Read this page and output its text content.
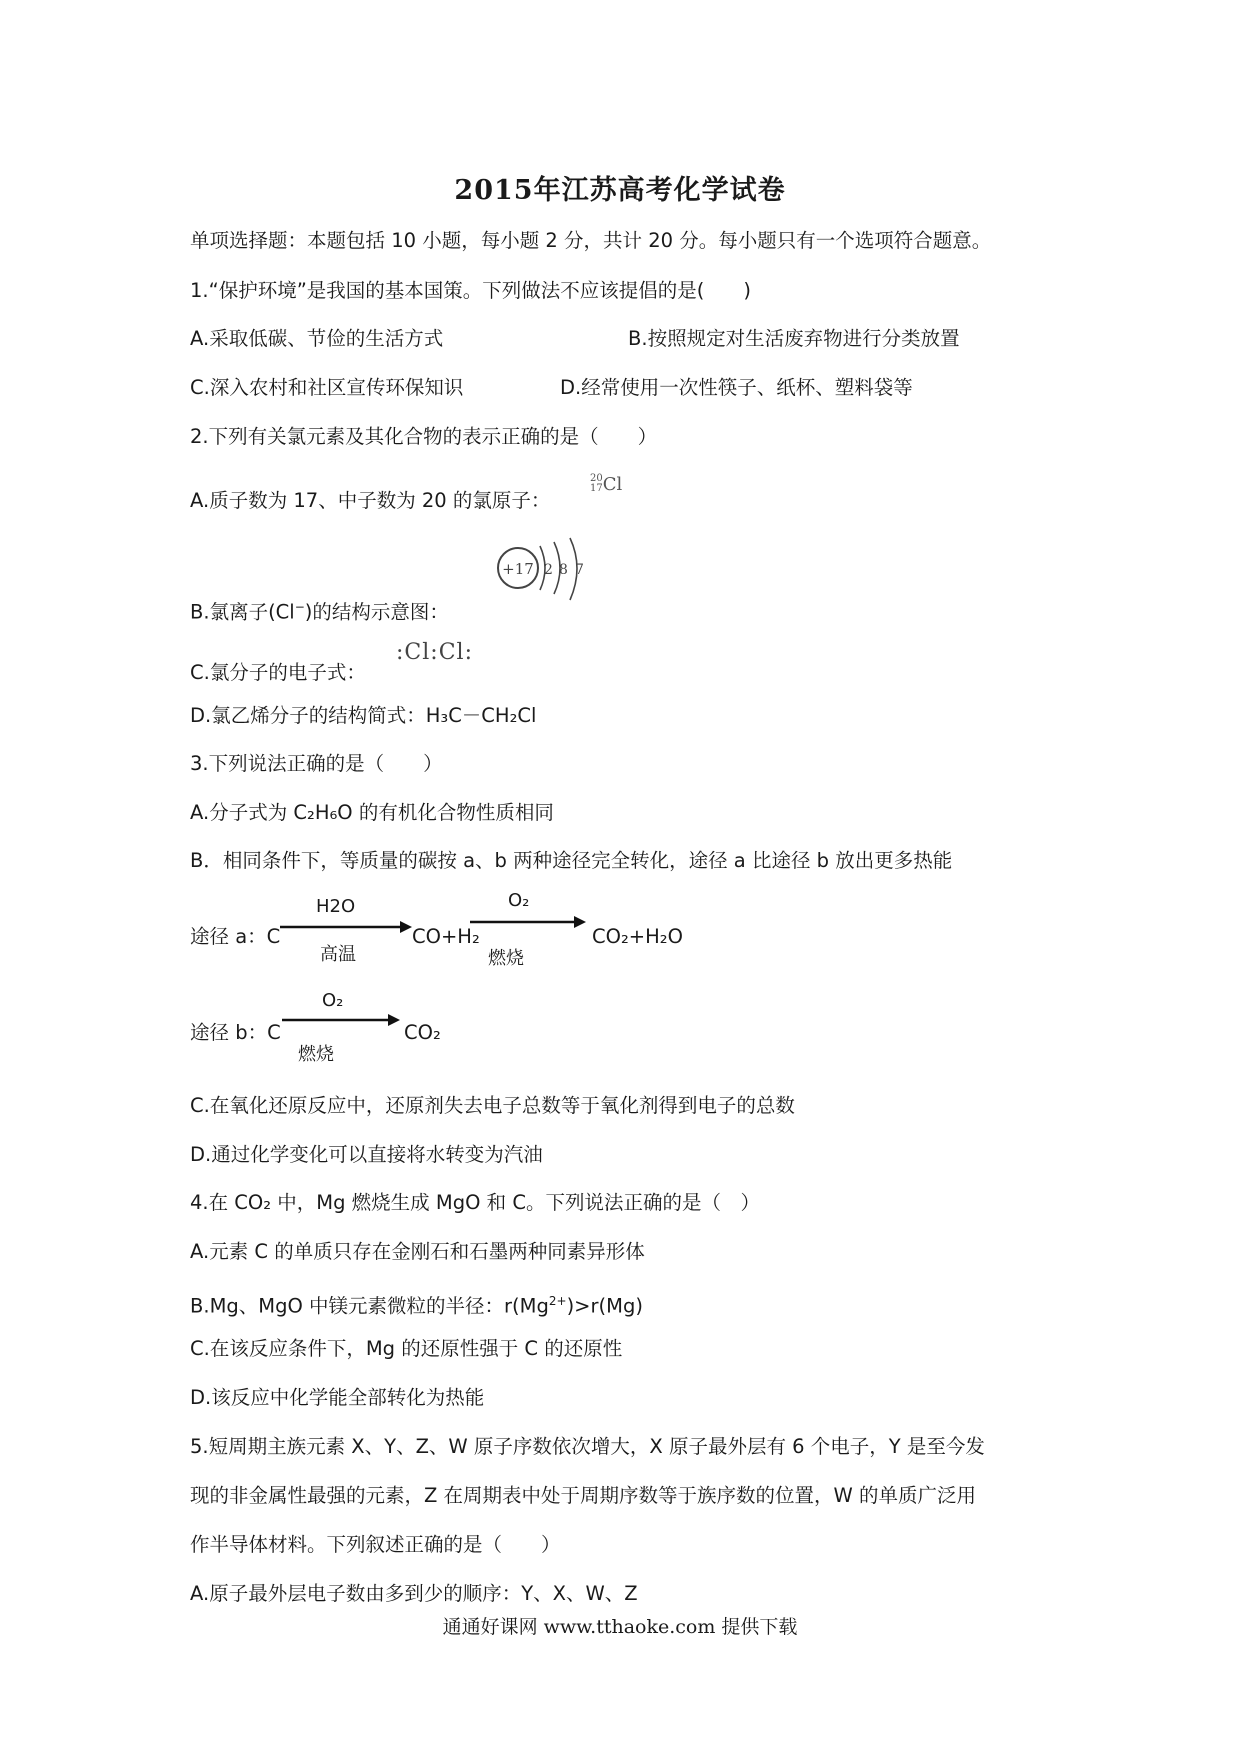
2015年江苏高考化学试卷
单项选择题：本题包括 10 小题，每小题 2 分，共计 20 分。每小题只有一个选项符合题意。
1.“保护环境”是我国的基本国策。下列做法不应该提倡的是(　　)
A.采取低碳、节俭的生活方式	B.按照规定对生活废弃物进行分类放置
C.深入农村和社区宣传环保知识	D.经常使用一次性筷子、纸杯、塑料袋等
2.下列有关氯元素及其化合物的表示正确的是（　　）
A.质子数为 17、中子数为 20 的氯原子：
20
17Cl
B.氯离子(Cl−)的结构示意图：
+17 2 8 7
C.氯分子的电子式：
:Cl:Cl:
D.氯乙烯分子的结构简式：H₃C－CH₂Cl
3.下列说法正确的是（　　）
A.分子式为 C₂H₆O 的有机化合物性质相同
B．相同条件下，等质量的碳按 a、b 两种途径完全转化，途径 a 比途径 b 放出更多热能
途径 a：C
H2O
高温
CO+H₂
O₂
燃烧
CO₂+H₂O
途径 b：C
O₂
燃烧
CO₂
C.在氧化还原反应中，还原剂失去电子总数等于氧化剂得到电子的总数
D.通过化学变化可以直接将水转变为汽油
4.在 CO₂ 中，Mg 燃烧生成 MgO 和 C。下列说法正确的是（　）
A.元素 C 的单质只存在金刚石和石墨两种同素异形体
B.Mg、MgO 中镁元素微粒的半径：$r(Mg^{2+})>r(Mg)$
C.在该反应条件下，Mg 的还原性强于 C 的还原性
D.该反应中化学能全部转化为热能
5.短周期主族元素 X、Y、Z、W 原子序数依次增大，X 原子最外层有 6 个电子，Y 是至今发
现的非金属性最强的元素，Z 在周期表中处于周期序数等于族序数的位置，W 的单质广泛用
作半导体材料。下列叙述正确的是（　　）
A.原子最外层电子数由多到少的顺序：Y、X、W、Z
通通好课网 www.tthaoke.com 提供下载
